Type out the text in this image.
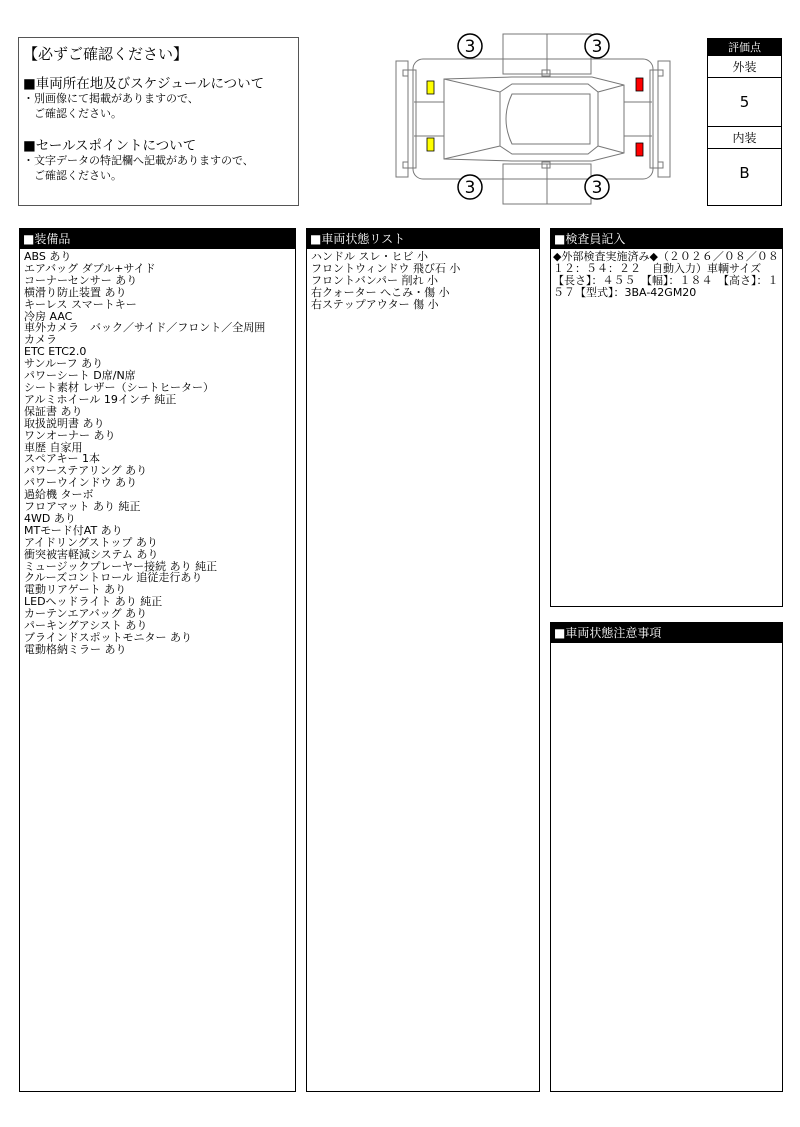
【必ずご確認ください】
■車両所在地及びスケジュールについて
・別画像にて掲載がありますので、
　ご確認ください。
■セールスポイントについて
・文字データの特記欄へ記載がありますので、
　ご確認ください。
3	3
3	3
評価点
外装
5
内装
B
■装備品
ABS あり
エアバッグ ダブル+サイド
コーナーセンサー あり
横滑り防止装置 あり
キーレス スマートキー
冷房 AAC
車外カメラ　バック／サイド／フロント／全周囲
カメラ
ETC ETC2.0
サンルーフ あり
パワーシート D席/N席
シート素材 レザー（シートヒーター）
アルミホイール 19インチ 純正
保証書 あり
取扱説明書 あり
ワンオーナー あり
車歴 自家用
スペアキー 1本
パワーステアリング あり
パワーウインドウ あり
過給機 ターボ
フロアマット あり 純正
4WD あり
MTモード付AT あり
アイドリングストップ あり
衝突被害軽減システム あり
ミュージックプレーヤー接続 あり 純正
クルーズコントロール 追従走行あり
電動リアゲート あり
LEDヘッドライト あり 純正
カーテンエアバッグ あり
パーキングアシスト あり
ブラインドスポットモニター あり
電動格納ミラー あり
■車両状態リスト
ハンドル スレ・ヒビ 小
フロントウィンドウ 飛び石 小
フロントバンパー 削れ 小
右クォーター へこみ・傷 小
右ステップアウター 傷 小
■検査員記入
◆外部検査実施済み◆（２０２６／０８／０８　１２：５４：２２　自動入力）車輌サイズ【長さ】：４５５　【幅】：１８４　【高さ】：１５７【型式】：3BA-42GM20
■車両状態注意事項
